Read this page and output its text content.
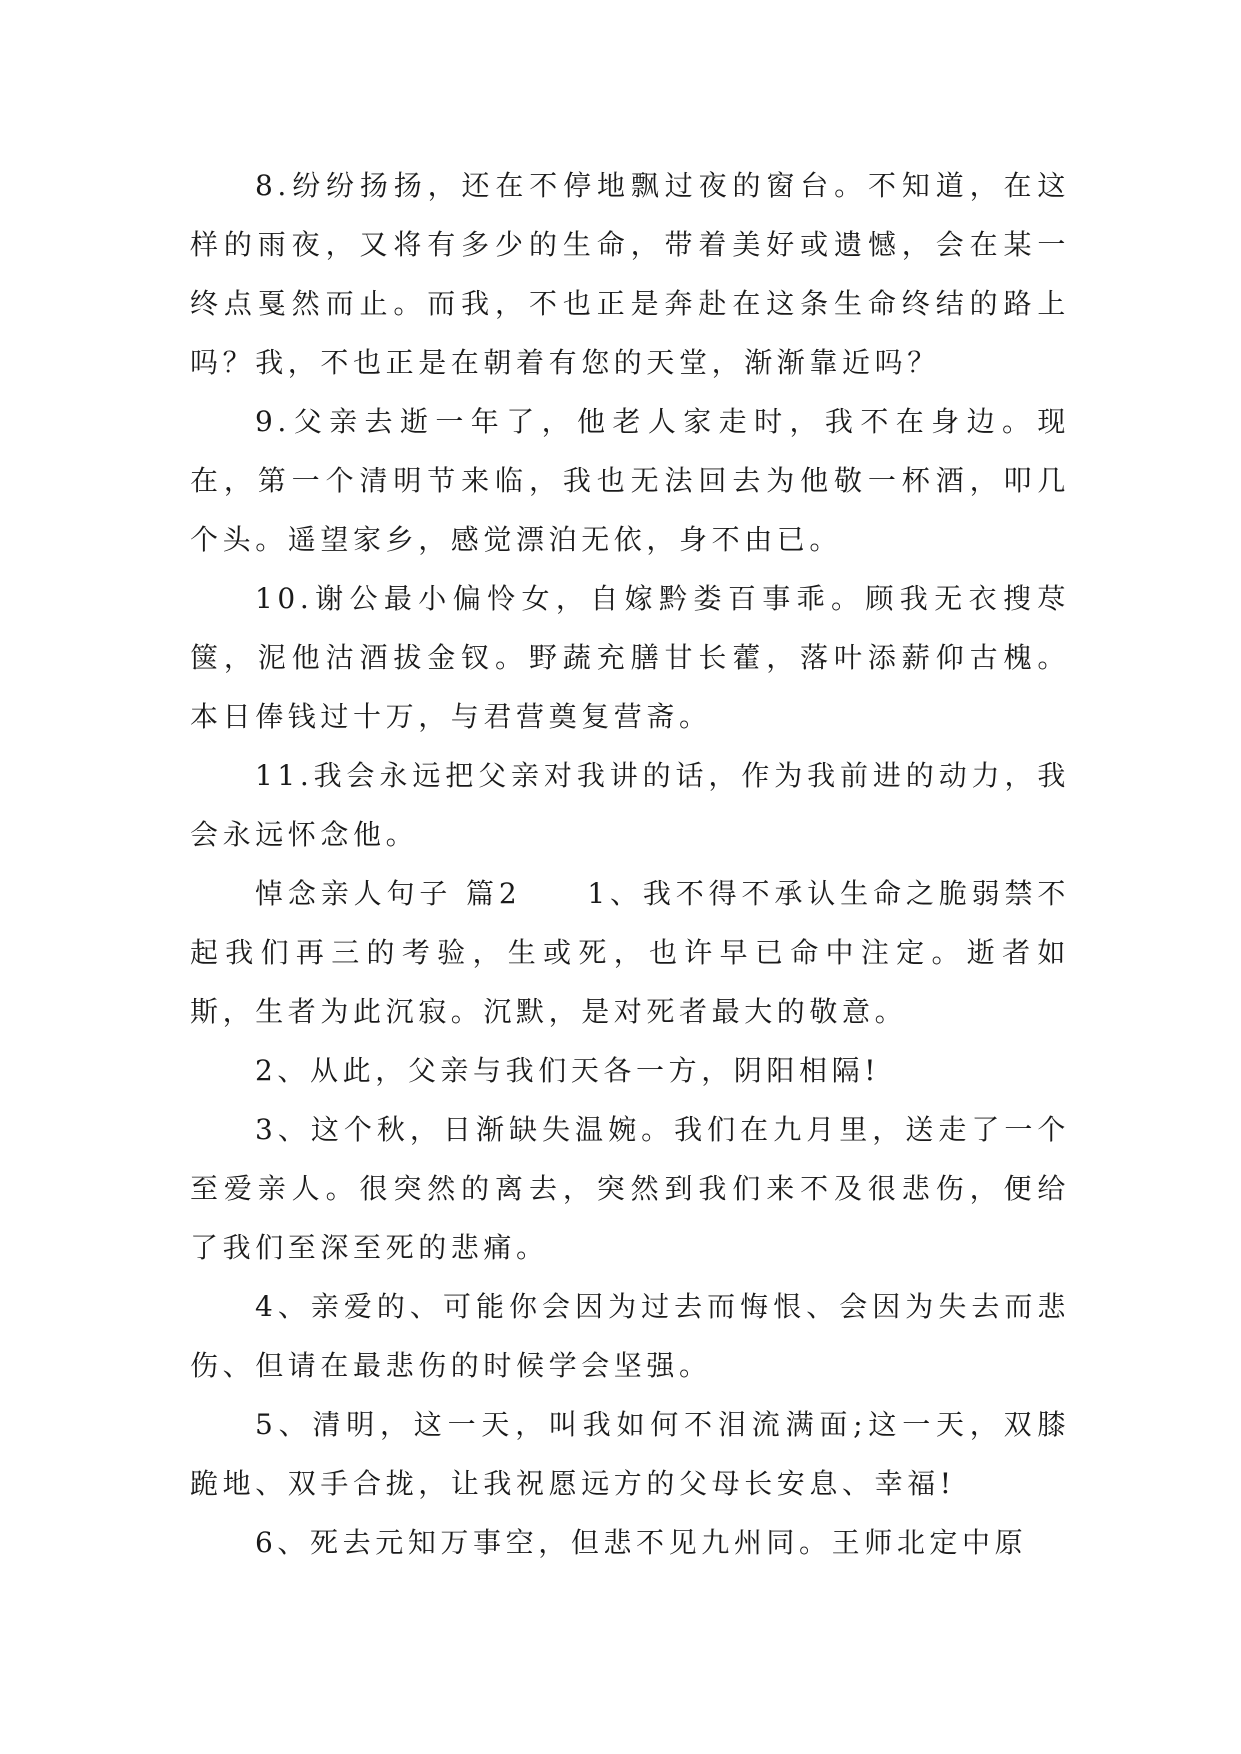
8.纷纷扬扬，还在不停地飘过夜的窗台。不知道，在这样的雨夜，又将有多少的生命，带着美好或遗憾，会在某一终点戛然而止。而我，不也正是奔赴在这条生命终结的路上吗？我，不也正是在朝着有您的天堂，渐渐靠近吗？

9.父亲去逝一年了，他老人家走时，我不在身边。现在，第一个清明节来临，我也无法回去为他敬一杯酒，叩几个头。遥望家乡，感觉漂泊无依，身不由已。

10.谢公最小偏怜女，自嫁黔娄百事乖。顾我无衣搜荩箧，泥他沽酒拔金钗。野蔬充膳甘长藿，落叶添薪仰古槐。本日俸钱过十万，与君营奠复营斋。

11.我会永远把父亲对我讲的话，作为我前进的动力，我会永远怀念他。

悼念亲人句子 篇2　　1、我不得不承认生命之脆弱禁不起我们再三的考验，生或死，也许早已命中注定。逝者如斯，生者为此沉寂。沉默，是对死者最大的敬意。

2、从此，父亲与我们天各一方，阴阳相隔!

3、这个秋，日渐缺失温婉。我们在九月里，送走了一个至爱亲人。很突然的离去，突然到我们来不及很悲伤，便给了我们至深至死的悲痛。

4、亲爱的、可能你会因为过去而悔恨、会因为失去而悲伤、但请在最悲伤的时候学会坚强。

5、清明，这一天，叫我如何不泪流满面;这一天，双膝跪地、双手合拢，让我祝愿远方的父母长安息、幸福!

6、死去元知万事空，但悲不见九州同。王师北定中原
